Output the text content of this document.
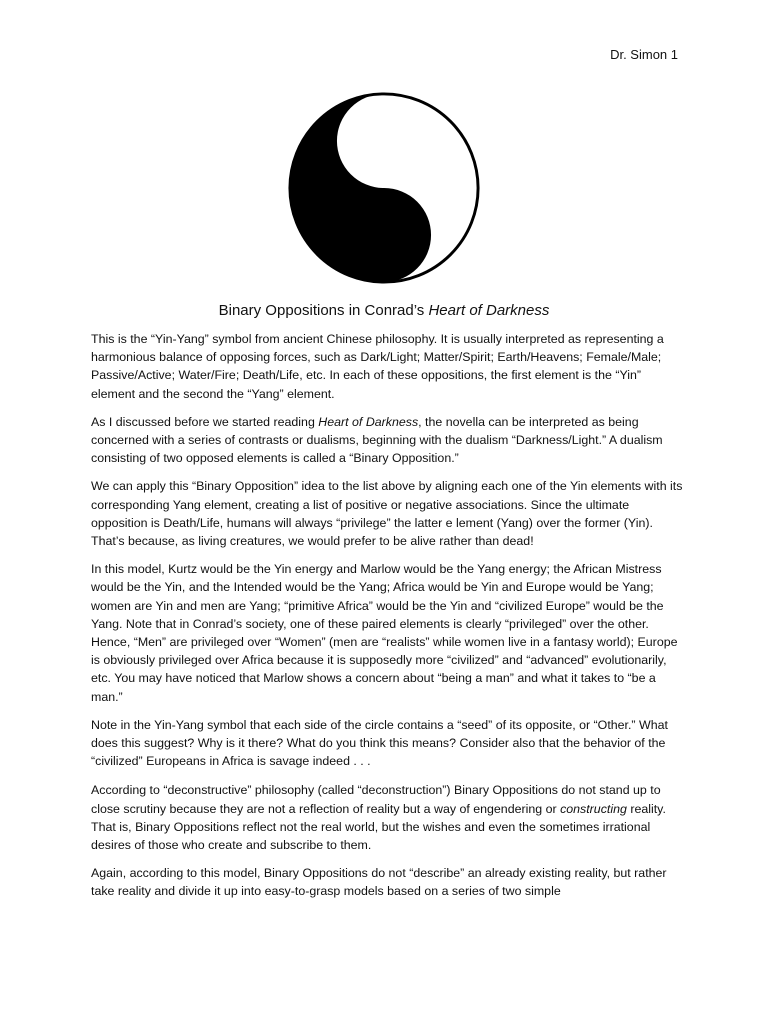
Dr. Simon 1
Binary Oppositions in Conrad’s Heart of Darkness

This is the “Yin-Yang” symbol from ancient Chinese philosophy. It is usually interpreted as representing a harmonious balance of opposing forces, such as Dark/Light; Matter/Spirit; Earth/Heavens; Female/Male; Passive/Active; Water/Fire; Death/Life, etc. In each of these oppositions, the first element is the “Yin” element and the second the “Yang” element.

As I discussed before we started reading Heart of Darkness, the novella can be interpreted as being concerned with a series of contrasts or dualisms, beginning with the dualism “Darkness/Light.” A dualism consisting of two opposed elements is called a “Binary Opposition.”

We can apply this “Binary Opposition” idea to the list above by aligning each one of the Yin elements with its corresponding Yang element, creating a list of positive or negative associations. Since the ultimate opposition is Death/Life, humans will always “privilege” the latter e lement (Yang) over the former (Yin). That’s because, as living creatures, we would prefer to be alive rather than dead!

In this model, Kurtz would be the Yin energy and Marlow would be the Yang energy; the African Mistress would be the Yin, and the Intended would be the Yang; Africa would be Yin and Europe would be Yang; women are Yin and men are Yang; “primitive Africa” would be the Yin and “civilized Europe” would be the Yang. Note that in Conrad’s society, one of these paired elements is clearly “privileged” over the other. Hence, “Men” are privileged over “Women” (men are “realists” while women live in a fantasy world); Europe is obviously privileged over Africa because it is supposedly more “civilized” and “advanced” evolutionarily, etc. You may have noticed that Marlow shows a concern about “being a man” and what it takes to “be a man.”

Note in the Yin-Yang symbol that each side of the circle contains a “seed” of its opposite, or “Other.” What does this suggest? Why is it there? What do you think this means? Consider also that the behavior of the “civilized” Europeans in Africa is savage indeed . . .

According to “deconstructive” philosophy (called “deconstruction”) Binary Oppositions do not stand up to close scrutiny because they are not a reflection of reality but a way of engendering or constructing reality. That is, Binary Oppositions reflect not the real world, but the wishes and even the sometimes irrational desires of those who create and subscribe to them.

Again, according to this model, Binary Oppositions do not “describe” an already existing reality, but rather take reality and divide it up into easy-to-grasp models based on a series of two simple
